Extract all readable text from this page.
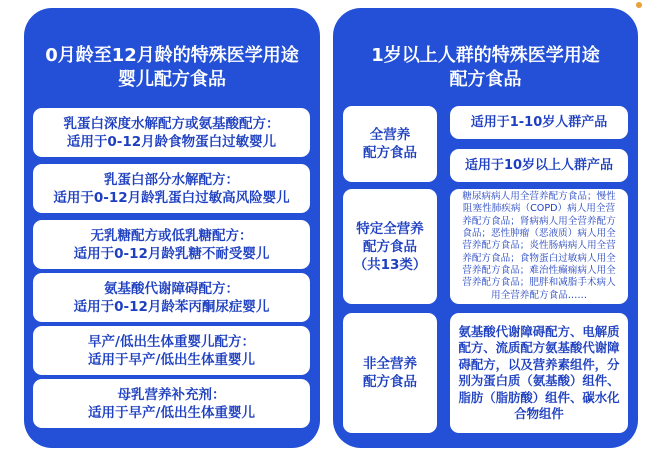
0月龄至12月龄的特殊医学用途
婴儿配方食品
乳蛋白深度水解配方或氨基酸配方：
适用于0-12月龄食物蛋白过敏婴儿
乳蛋白部分水解配方：
适用于0-12月龄乳蛋白过敏高风险婴儿
无乳糖配方或低乳糖配方：
适用于0-12月龄乳糖不耐受婴儿
氨基酸代谢障碍配方：
适用于0-12月龄苯丙酮尿症婴儿
早产/低出生体重婴儿配方：
适用于早产/低出生体重婴儿
母乳营养补充剂：
适用于早产/低出生体重婴儿
1岁以上人群的特殊医学用途
配方食品
全营养
配方食品
适用于1-10岁人群产品
适用于10岁以上人群产品
特定全营养
配方食品
（共13类）
糖尿病病人用全营养配方食品；慢性
阻塞性肺疾病（COPD）病人用全营
养配方食品；肾病病人用全营养配方
食品；恶性肿瘤（恶液质）病人用全
营养配方食品；炎性肠病病人用全营
养配方食品；食物蛋白过敏病人用全
营养配方食品；难治性癫痫病人用全
营养配方食品；肥胖和减脂手术病人
用全营养配方食品……
非全营养
配方食品
氨基酸代谢障碍配方、电解质
配方、流质配方氨基酸代谢障
碍配方，以及营养素组件，分
别为蛋白质（氨基酸）组件、
脂肪（脂肪酸）组件、碳水化
合物组件
